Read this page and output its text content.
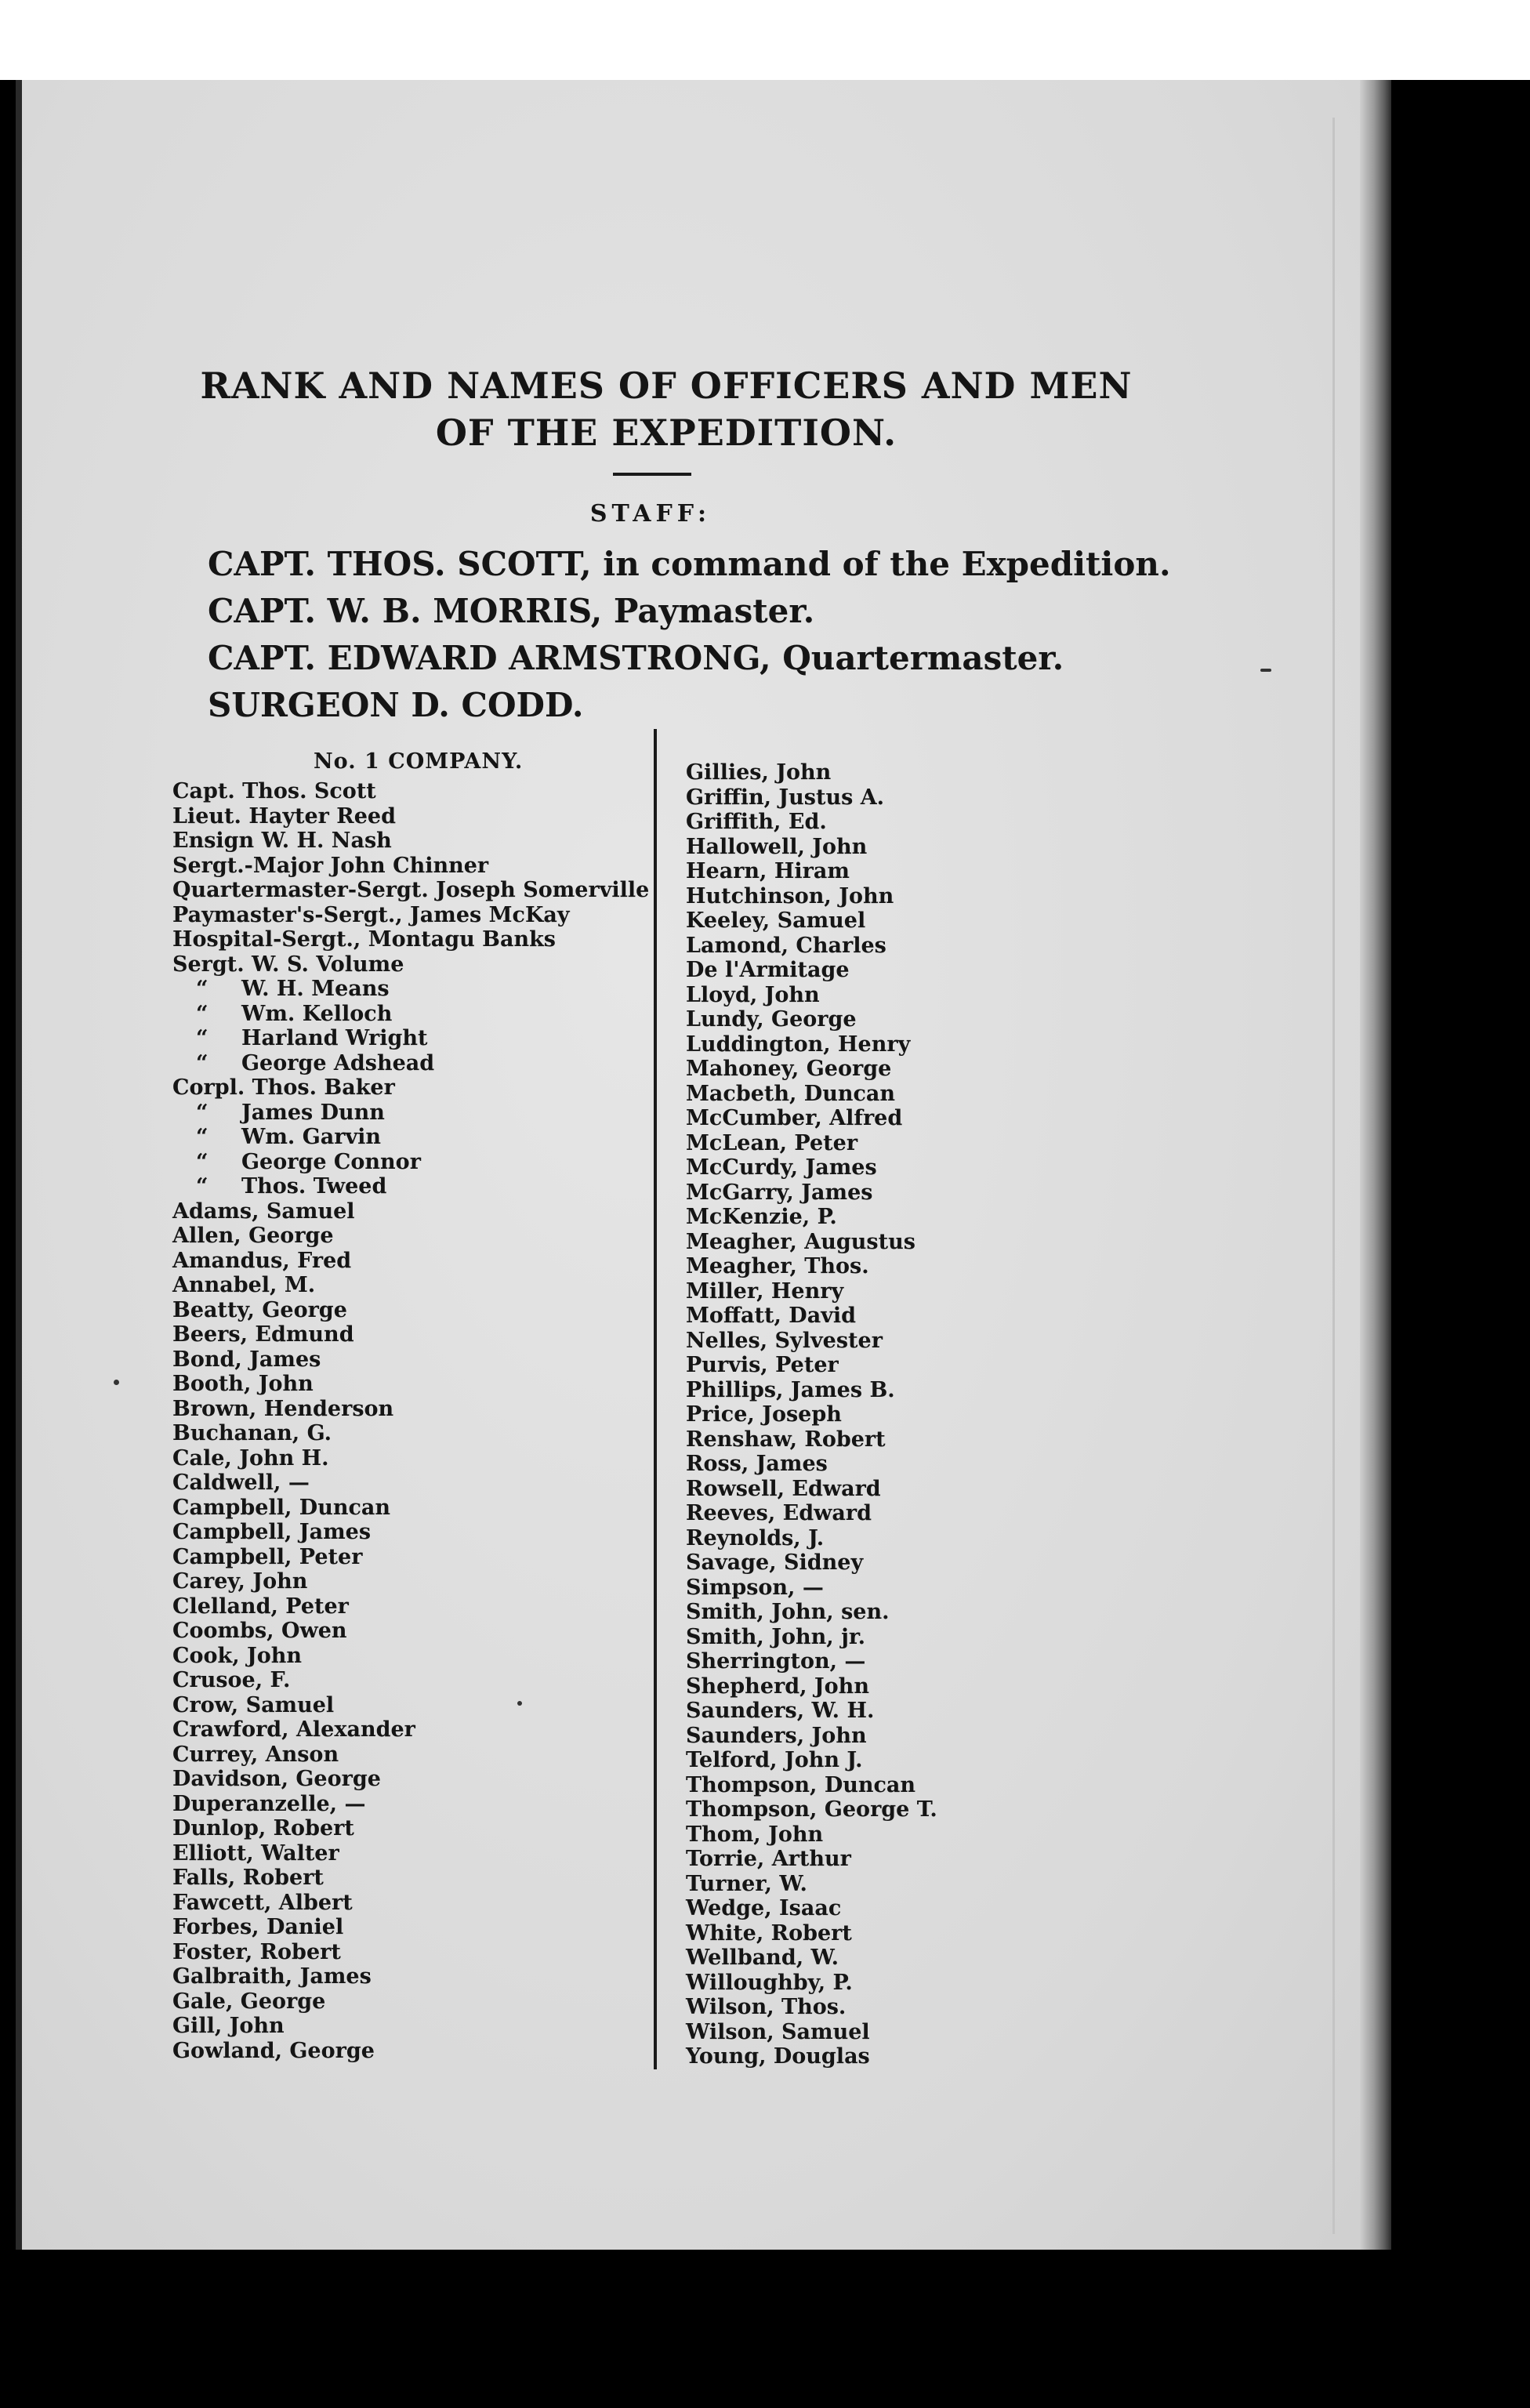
RANK AND NAMES OF OFFICERS AND MEN
OF THE EXPEDITION.
STAFF:
CAPT. THOS. SCOTT, in command of the Expedition.
CAPT. W. B. MORRIS, Paymaster.
CAPT. EDWARD ARMSTRONG, Quartermaster.
SURGEON D. CODD.
No. 1 COMPANY.
Capt. Thos. Scott
Lieut. Hayter Reed
Ensign W. H. Nash
Sergt.-Major John Chinner
Quartermaster-Sergt. Joseph Somerville
Paymaster's-Sergt., James McKay
Hospital-Sergt., Montagu Banks
Sergt. W. S. Volume
“ W. H. Means
“ Wm. Kelloch
“ Harland Wright
“ George Adshead
Corpl. Thos. Baker
“ James Dunn
“ Wm. Garvin
“ George Connor
“ Thos. Tweed
Adams, Samuel
Allen, George
Amandus, Fred
Annabel, M.
Beatty, George
Beers, Edmund
Bond, James
Booth, John
Brown, Henderson
Buchanan, G.
Cale, John H.
Caldwell, —
Campbell, Duncan
Campbell, James
Campbell, Peter
Carey, John
Clelland, Peter
Coombs, Owen
Cook, John
Crusoe, F.
Crow, Samuel
Crawford, Alexander
Currey, Anson
Davidson, George
Duperanzelle, —
Dunlop, Robert
Elliott, Walter
Falls, Robert
Fawcett, Albert
Forbes, Daniel
Foster, Robert
Galbraith, James
Gale, George
Gill, John
Gowland, George
Gillies, John
Griffin, Justus A.
Griffith, Ed.
Hallowell, John
Hearn, Hiram
Hutchinson, John
Keeley, Samuel
Lamond, Charles
De l'Armitage
Lloyd, John
Lundy, George
Luddington, Henry
Mahoney, George
Macbeth, Duncan
McCumber, Alfred
McLean, Peter
McCurdy, James
McGarry, James
McKenzie, P.
Meagher, Augustus
Meagher, Thos.
Miller, Henry
Moffatt, David
Nelles, Sylvester
Purvis, Peter
Phillips, James B.
Price, Joseph
Renshaw, Robert
Ross, James
Rowsell, Edward
Reeves, Edward
Reynolds, J.
Savage, Sidney
Simpson, —
Smith, John, sen.
Smith, John, jr.
Sherrington, —
Shepherd, John
Saunders, W. H.
Saunders, John
Telford, John J.
Thompson, Duncan
Thompson, George T.
Thom, John
Torrie, Arthur
Turner, W.
Wedge, Isaac
White, Robert
Wellband, W.
Willoughby, P.
Wilson, Thos.
Wilson, Samuel
Young, Douglas
